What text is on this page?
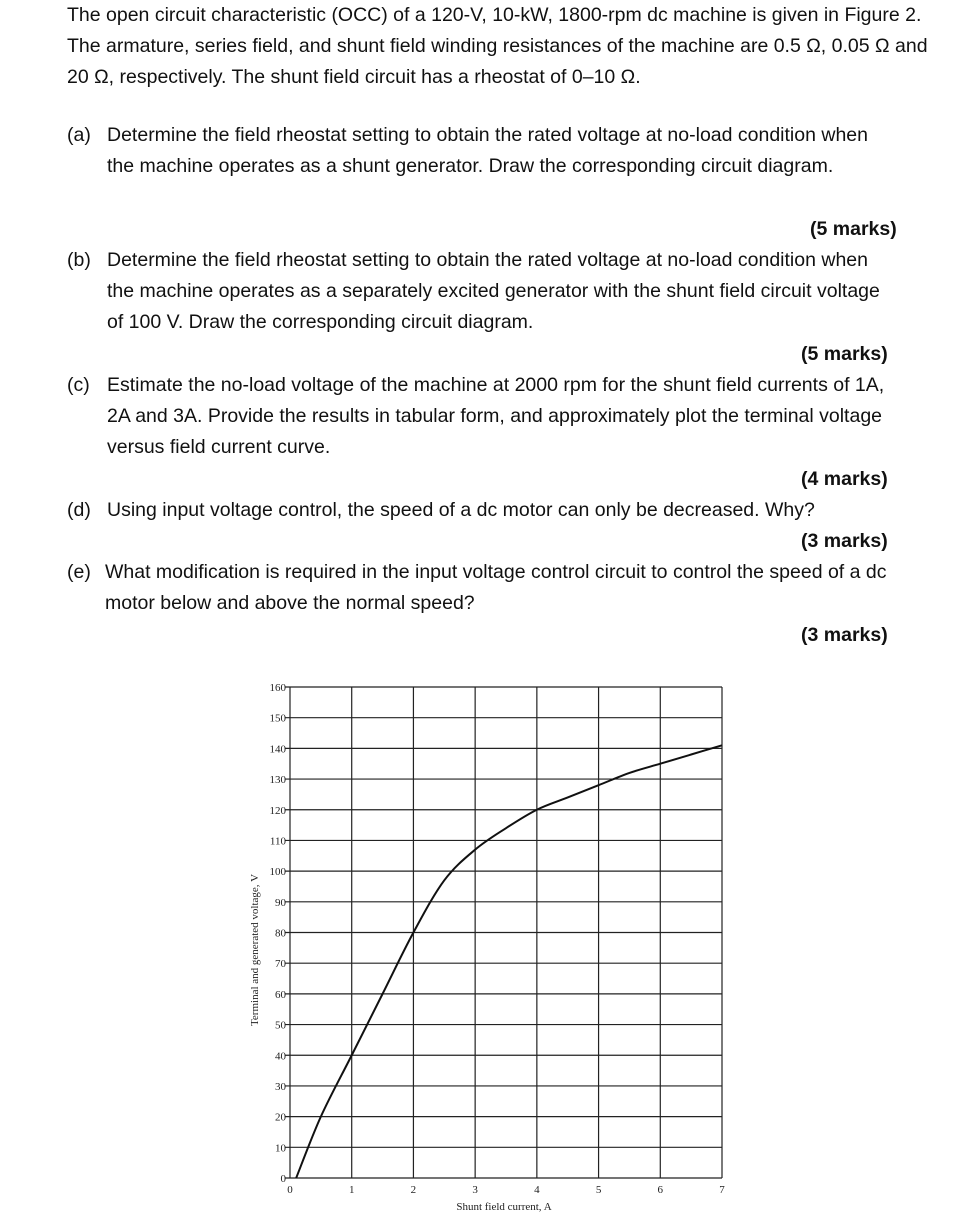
The open circuit characteristic (OCC) of a 120-V, 10-kW, 1800-rpm dc machine is given in Figure 2. The armature, series field, and shunt field winding resistances of the machine are 0.5 Ω, 0.05 Ω and 20 Ω, respectively. The shunt field circuit has a rheostat of 0–10 Ω.

(a) Determine the field rheostat setting to obtain the rated voltage at no-load condition when the machine operates as a shunt generator. Draw the corresponding circuit diagram.
(5 marks)
(b) Determine the field rheostat setting to obtain the rated voltage at no-load condition when the machine operates as a separately excited generator with the shunt field circuit voltage of 100 V. Draw the corresponding circuit diagram.
(5 marks)
(c) Estimate the no-load voltage of the machine at 2000 rpm for the shunt field currents of 1A, 2A and 3A. Provide the results in tabular form, and approximately plot the terminal voltage versus field current curve.
(4 marks)
(d) Using input voltage control, the speed of a dc motor can only be decreased. Why?
(3 marks)
(e) What modification is required in the input voltage control circuit to control the speed of a dc motor below and above the normal speed?
(3 marks)
0
10
20
30
40
50
60
70
80
90
100
110
120
130
140
150
160
0	1	2	3	4	5	6	7
Shunt field current, A
Terminal and generated voltage, V
